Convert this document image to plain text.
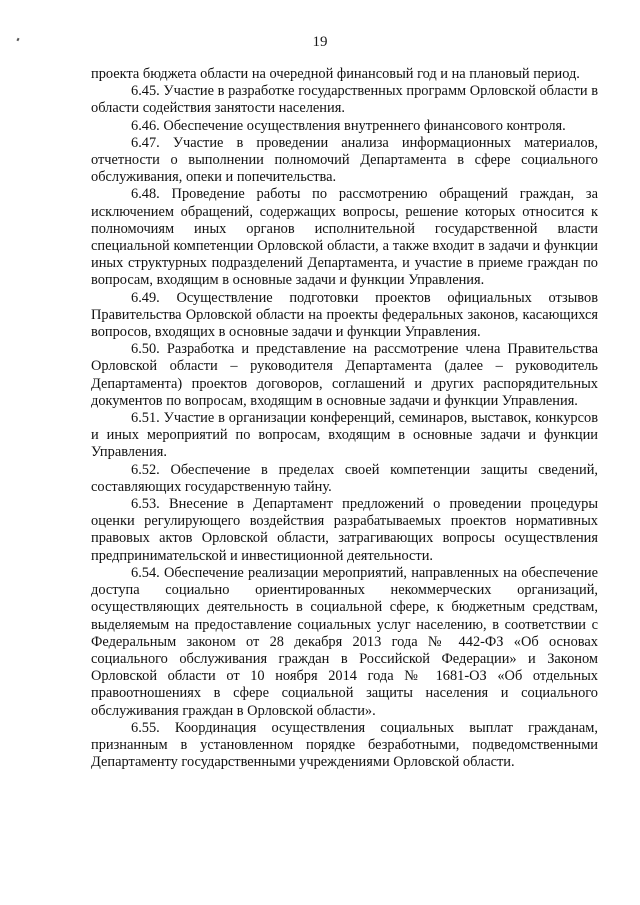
19

проекта бюджета области на очередной финансовый год и на плановый период.

6.45. Участие в разработке государственных программ Орловской области в области содействия занятости населения.

6.46. Обеспечение осуществления внутреннего финансового контроля.

6.47. Участие в проведении анализа информационных материалов, отчетности о выполнении полномочий Департамента в сфере социального обслуживания, опеки и попечительства.

6.48. Проведение работы по рассмотрению обращений граждан, за исключением обращений, содержащих вопросы, решение которых относится к полномочиям иных органов исполнительной государственной власти специальной компетенции Орловской области, а также входит в задачи и функции иных структурных подразделений Департамента, и участие в приеме граждан по вопросам, входящим в основные задачи и функции Управления.

6.49. Осуществление подготовки проектов официальных отзывов Правительства Орловской области на проекты федеральных законов, касающихся вопросов, входящих в основные задачи и функции Управления.

6.50. Разработка и представление на рассмотрение члена Правительства Орловской области – руководителя Департамента (далее – руководитель Департамента) проектов договоров, соглашений и других распорядительных документов по вопросам, входящим в основные задачи и функции Управления.

6.51. Участие в организации конференций, семинаров, выставок, конкурсов и иных мероприятий по вопросам, входящим в основные задачи и функции Управления.

6.52. Обеспечение в пределах своей компетенции защиты сведений, составляющих государственную тайну.

6.53. Внесение в Департамент предложений о проведении процедуры оценки регулирующего воздействия разрабатываемых проектов нормативных правовых актов Орловской области, затрагивающих вопросы осуществления предпринимательской и инвестиционной деятельности.

6.54. Обеспечение реализации мероприятий, направленных на обеспечение доступа социально ориентированных некоммерческих организаций, осуществляющих деятельность в социальной сфере, к бюджетным средствам, выделяемым на предоставление социальных услуг населению, в соответствии с Федеральным законом от 28 декабря 2013 года № 442-ФЗ «Об основах социального обслуживания граждан в Российской Федерации» и Законом Орловской области от 10 ноября 2014 года № 1681-ОЗ «Об отдельных правоотношениях в сфере социальной защиты населения и социального обслуживания граждан в Орловской области».

6.55. Координация осуществления социальных выплат гражданам, признанным в установленном порядке безработными, подведомственными Департаменту государственными учреждениями Орловской области.
